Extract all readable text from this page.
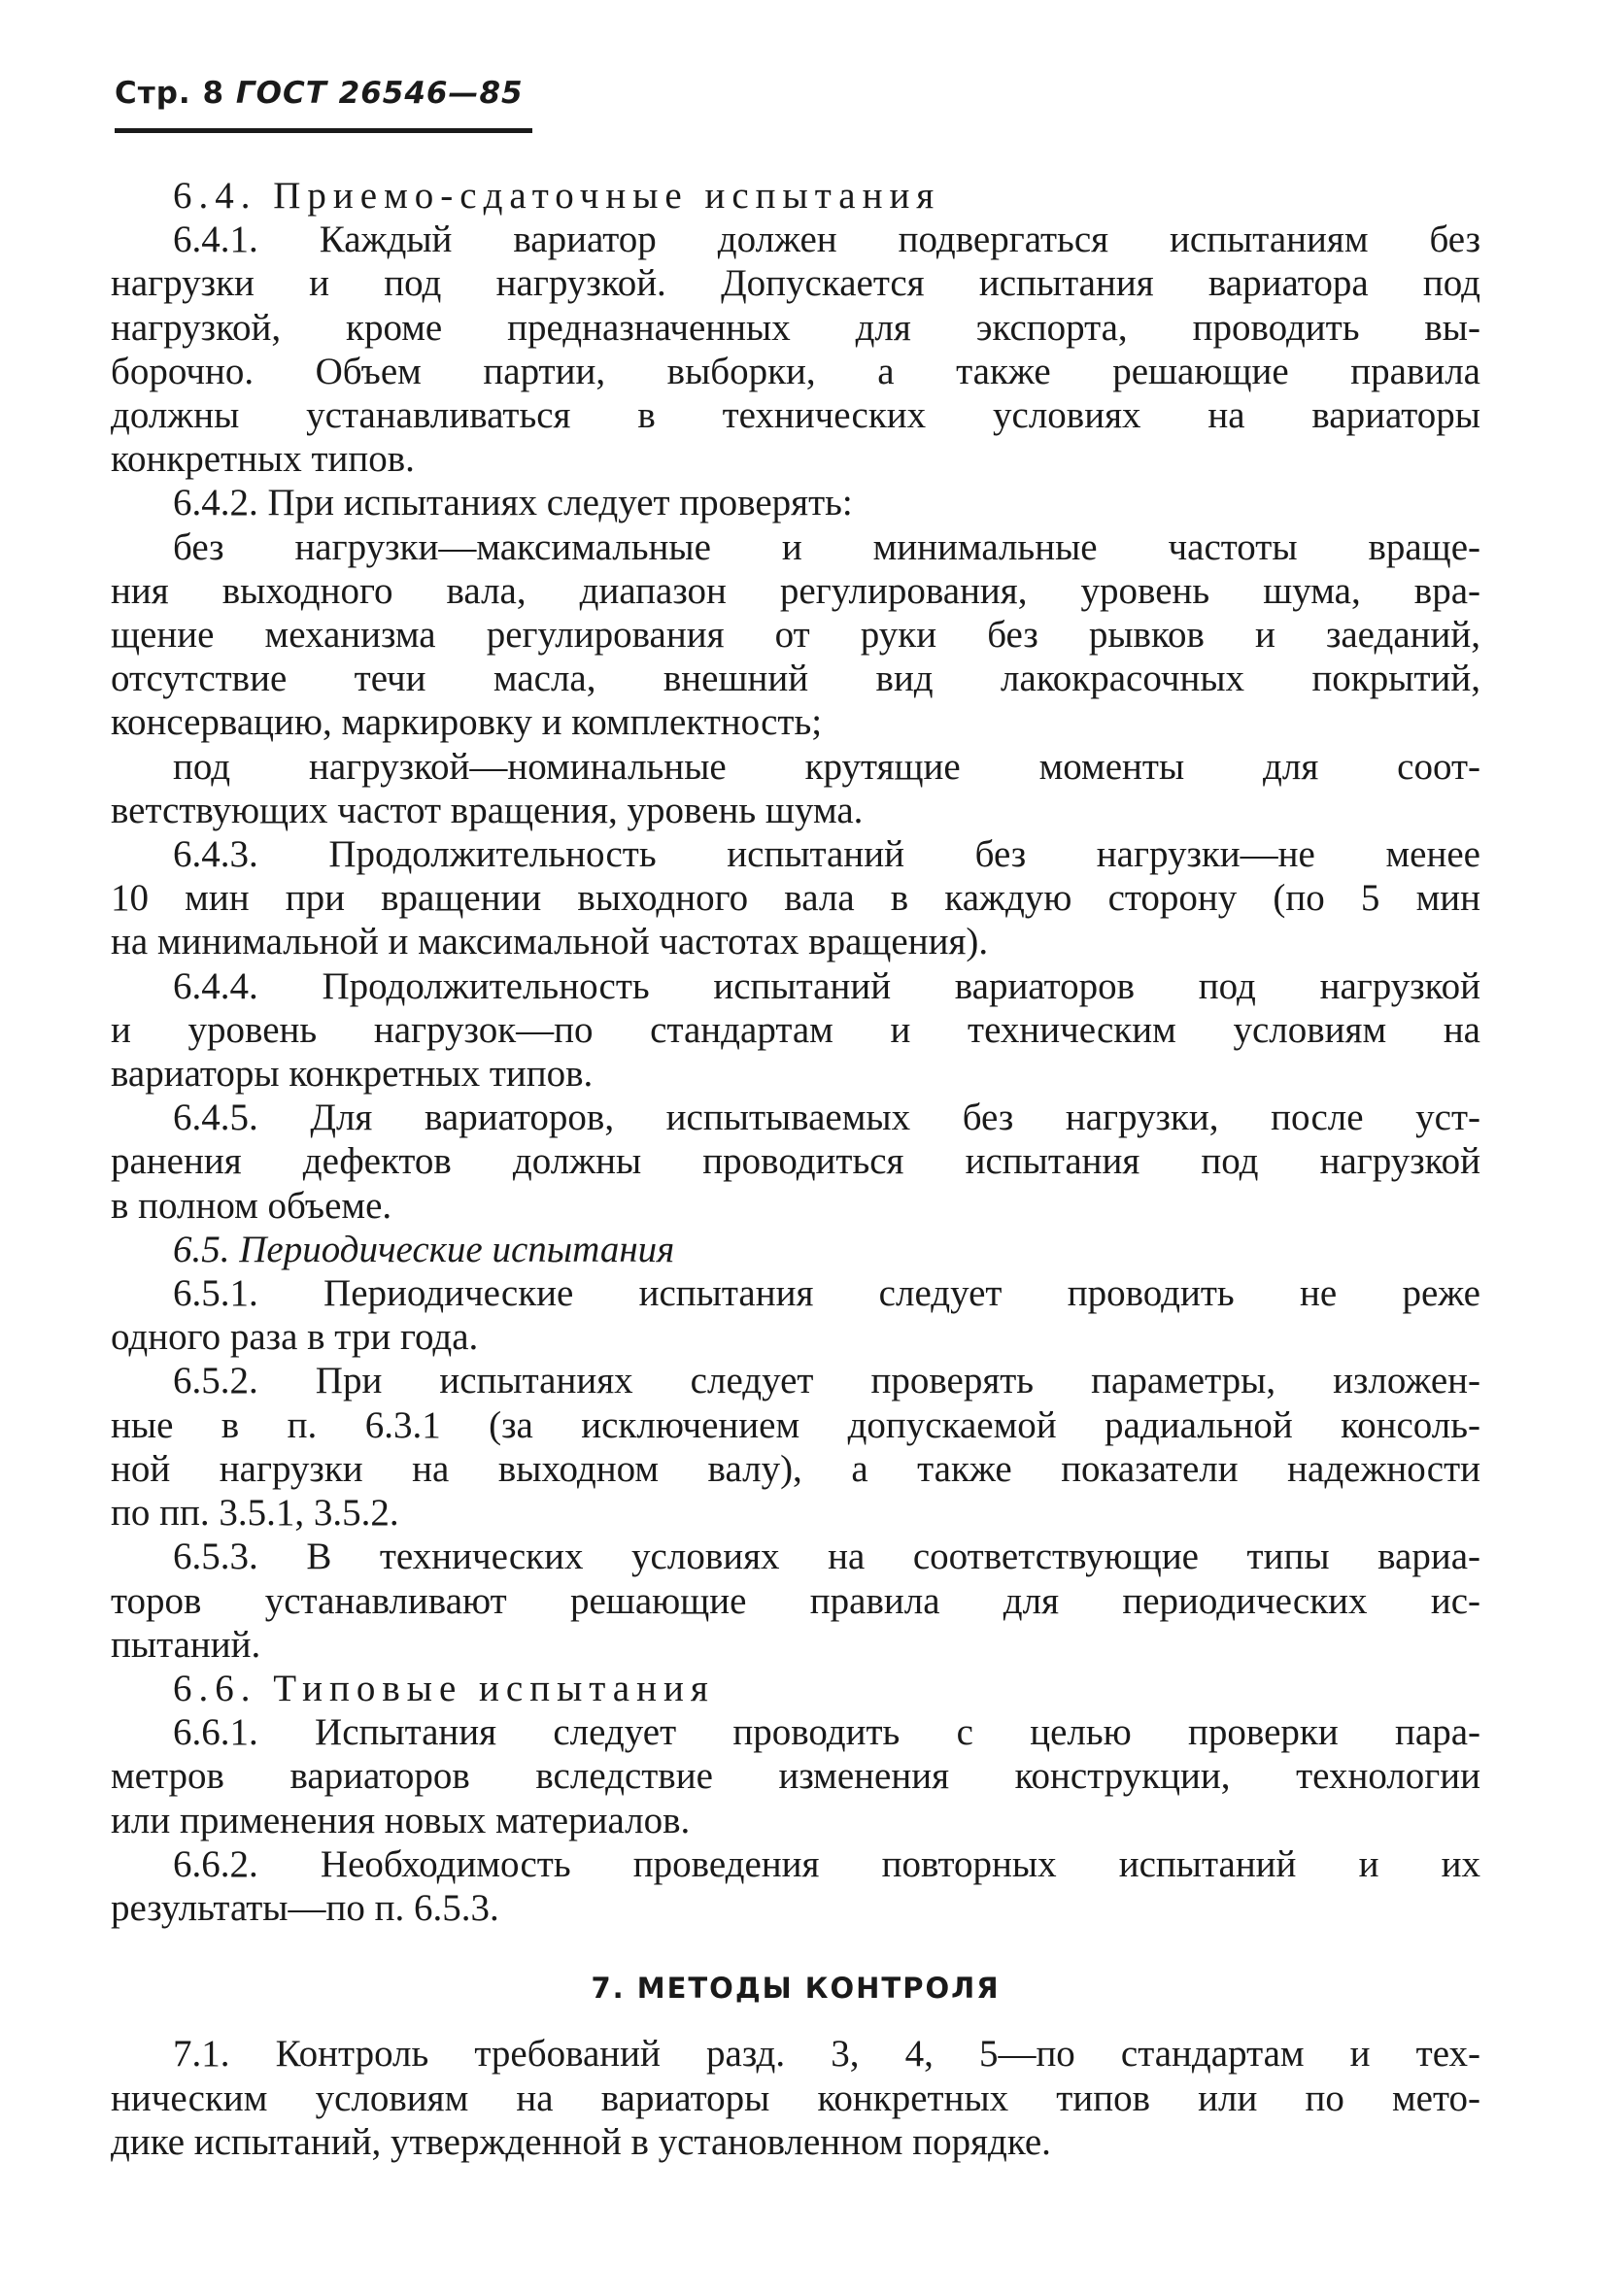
Стр. 8 ГОСТ 26546—85

6.4. Приемо-сдаточные испытания

6.4.1. Каждый вариатор должен подвергаться испытаниям без

нагрузки и под нагрузкой. Допускается испытания вариатора под

нагрузкой, кроме предназначенных для экспорта, проводить вы-

борочно. Объем партии, выборки, а также решающие правила

должны устанавливаться в технических условиях на вариаторы

конкретных типов.

6.4.2. При испытаниях следует проверять:

без нагрузки—максимальные и минимальные частоты враще-

ния выходного вала, диапазон регулирования, уровень шума, вра-

щение механизма регулирования от руки без рывков и заеданий,

отсутствие течи масла, внешний вид лакокрасочных покрытий,

консервацию, маркировку и комплектность;

под нагрузкой—номинальные крутящие моменты для соот-

ветствующих частот вращения, уровень шума.

6.4.3. Продолжительность испытаний без нагрузки—не менее

10 мин при вращении выходного вала в каждую сторону (по 5 мин

на минимальной и максимальной частотах вращения).

6.4.4. Продолжительность испытаний вариаторов под нагрузкой

и уровень нагрузок—по стандартам и техническим условиям на

вариаторы конкретных типов.

6.4.5. Для вариаторов, испытываемых без нагрузки, после уст-

ранения дефектов должны проводиться испытания под нагрузкой

в полном объеме.

6.5. Периодические испытания

6.5.1. Периодические испытания следует проводить не реже

одного раза в три года.

6.5.2. При испытаниях следует проверять параметры, изложен-

ные в п. 6.3.1 (за исключением допускаемой радиальной консоль-

ной нагрузки на выходном валу), а также показатели надежности

по пп. 3.5.1, 3.5.2.

6.5.3. В технических условиях на соответствующие типы вариа-

торов устанавливают решающие правила для периодических ис-

пытаний.

6.6. Типовые испытания

6.6.1. Испытания следует проводить с целью проверки пара-

метров вариаторов вследствие изменения конструкции, технологии

или применения новых материалов.

6.6.2. Необходимость проведения повторных испытаний и их

результаты—по п. 6.5.3.

7. МЕТОДЫ КОНТРОЛЯ

7.1. Контроль требований разд. 3, 4, 5—по стандартам и тех-

ническим условиям на вариаторы конкретных типов или по мето-

дике испытаний, утвержденной в установленном порядке.
